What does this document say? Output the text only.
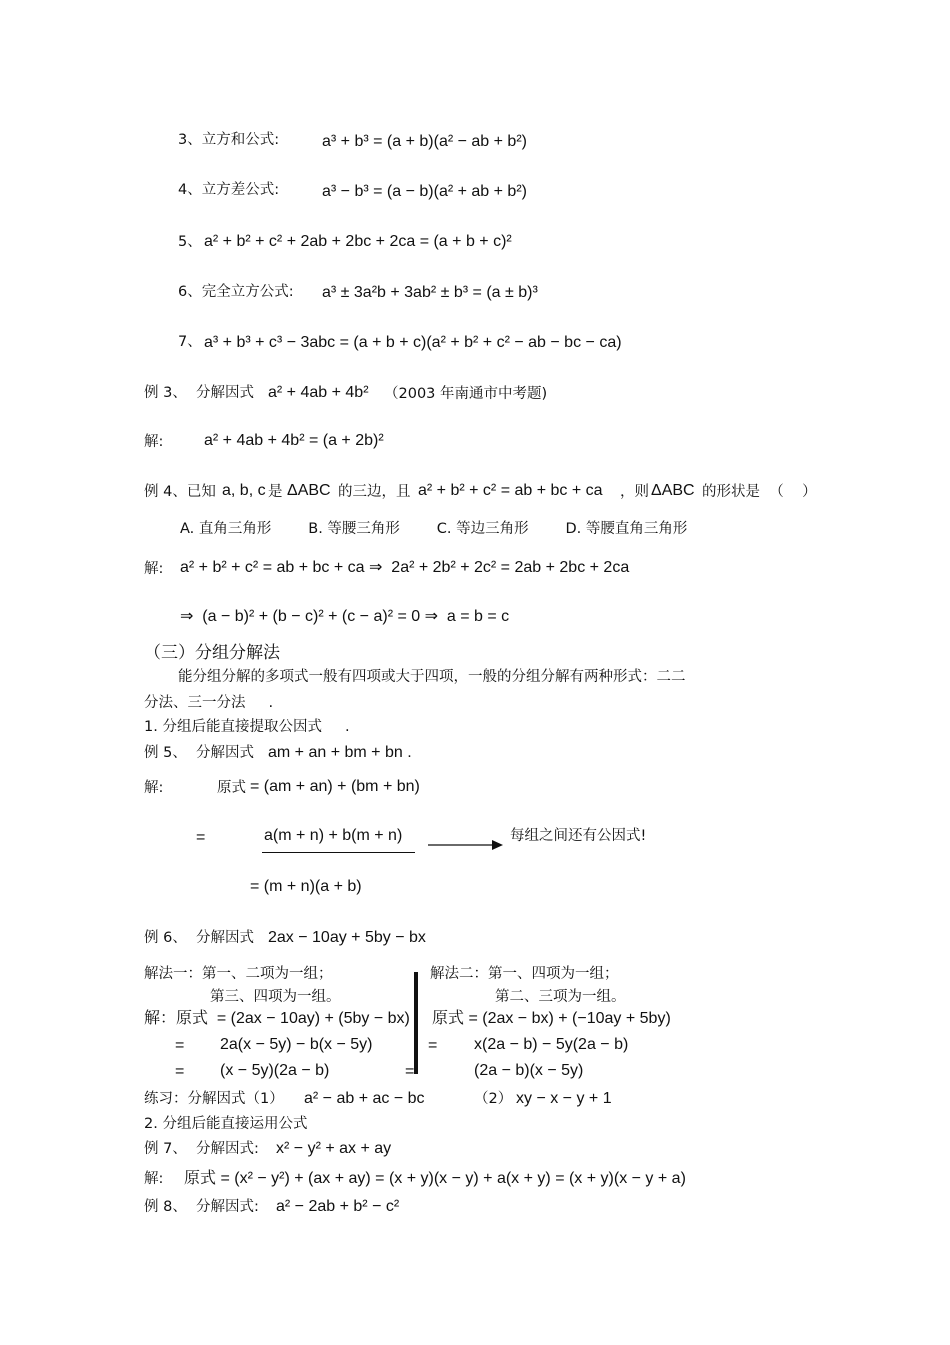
3、立方和公式:	a³ + b³ = (a + b)(a² − ab + b²)
4、立方差公式:	a³ − b³ = (a − b)(a² + ab + b²)
5、 a² + b² + c² + 2ab + 2bc + 2ca = (a + b + c)²
6、完全立方公式: a³ ± 3a²b + 3ab² ± b³ = (a ± b)³
7、 a³ + b³ + c³ − 3abc = (a + b + c)(a² + b² + c² − ab − bc − ca)
例 3、  分解因式 a² + 4ab + 4b² （2003 年南通市中考题)
解:	a² + 4ab + 4b² = (a + 2b)²
例 4、已知 a, b, c 是 ΔABC 的三边，且 a² + b² + c² = ab + bc + ca ，则 ΔABC 的形状是  （    ）
A. 直角三角形        B. 等腰三角形        C. 等边三角形        D. 等腰直角三角形
解: a² + b² + c² = ab + bc + ca ⇒  2a² + 2b² + 2c² = 2ab + 2bc + 2ca
⇒  (a − b)² + (b − c)² + (c − a)² = 0 ⇒  a = b = c
（三）分组分解法
能分组分解的多项式一般有四项或大于四项，一般的分组分解有两种形式：二二
分法、三一分法     .
1. 分组后能直接提取公因式     .
例 5、  分解因式 am + an + bm + bn .
解:	原式 = (am + an) + (bm + bn)
=	a(m + n) + b(m + n)	每组之间还有公因式!
= (m + n)(a + b)
例 6、  分解因式 2ax − 10ay + 5by − bx
解法一：第一、二项为一组；
第三、四项为一组。
解：原式  = (2ax − 10ay) + (5by − bx)
= 2a(x − 5y) − b(x − 5y)
= (x − 5y)(2a − b)	=
解法二：第一、四项为一组；
第二、三项为一组。
原式 = (2ax − bx) + (−10ay + 5by)
= x(2a − b) − 5y(2a − b)
(2a − b)(x − 5y)
练习：分解因式（1） a² − ab + ac − bc	（2） xy − x − y + 1
2. 分组后能直接运用公式
例 7、  分解因式: x² − y² + ax + ay
解: 原式 = (x² − y²) + (ax + ay) = (x + y)(x − y) + a(x + y) = (x + y)(x − y + a)
例 8、  分解因式: a² − 2ab + b² − c²
